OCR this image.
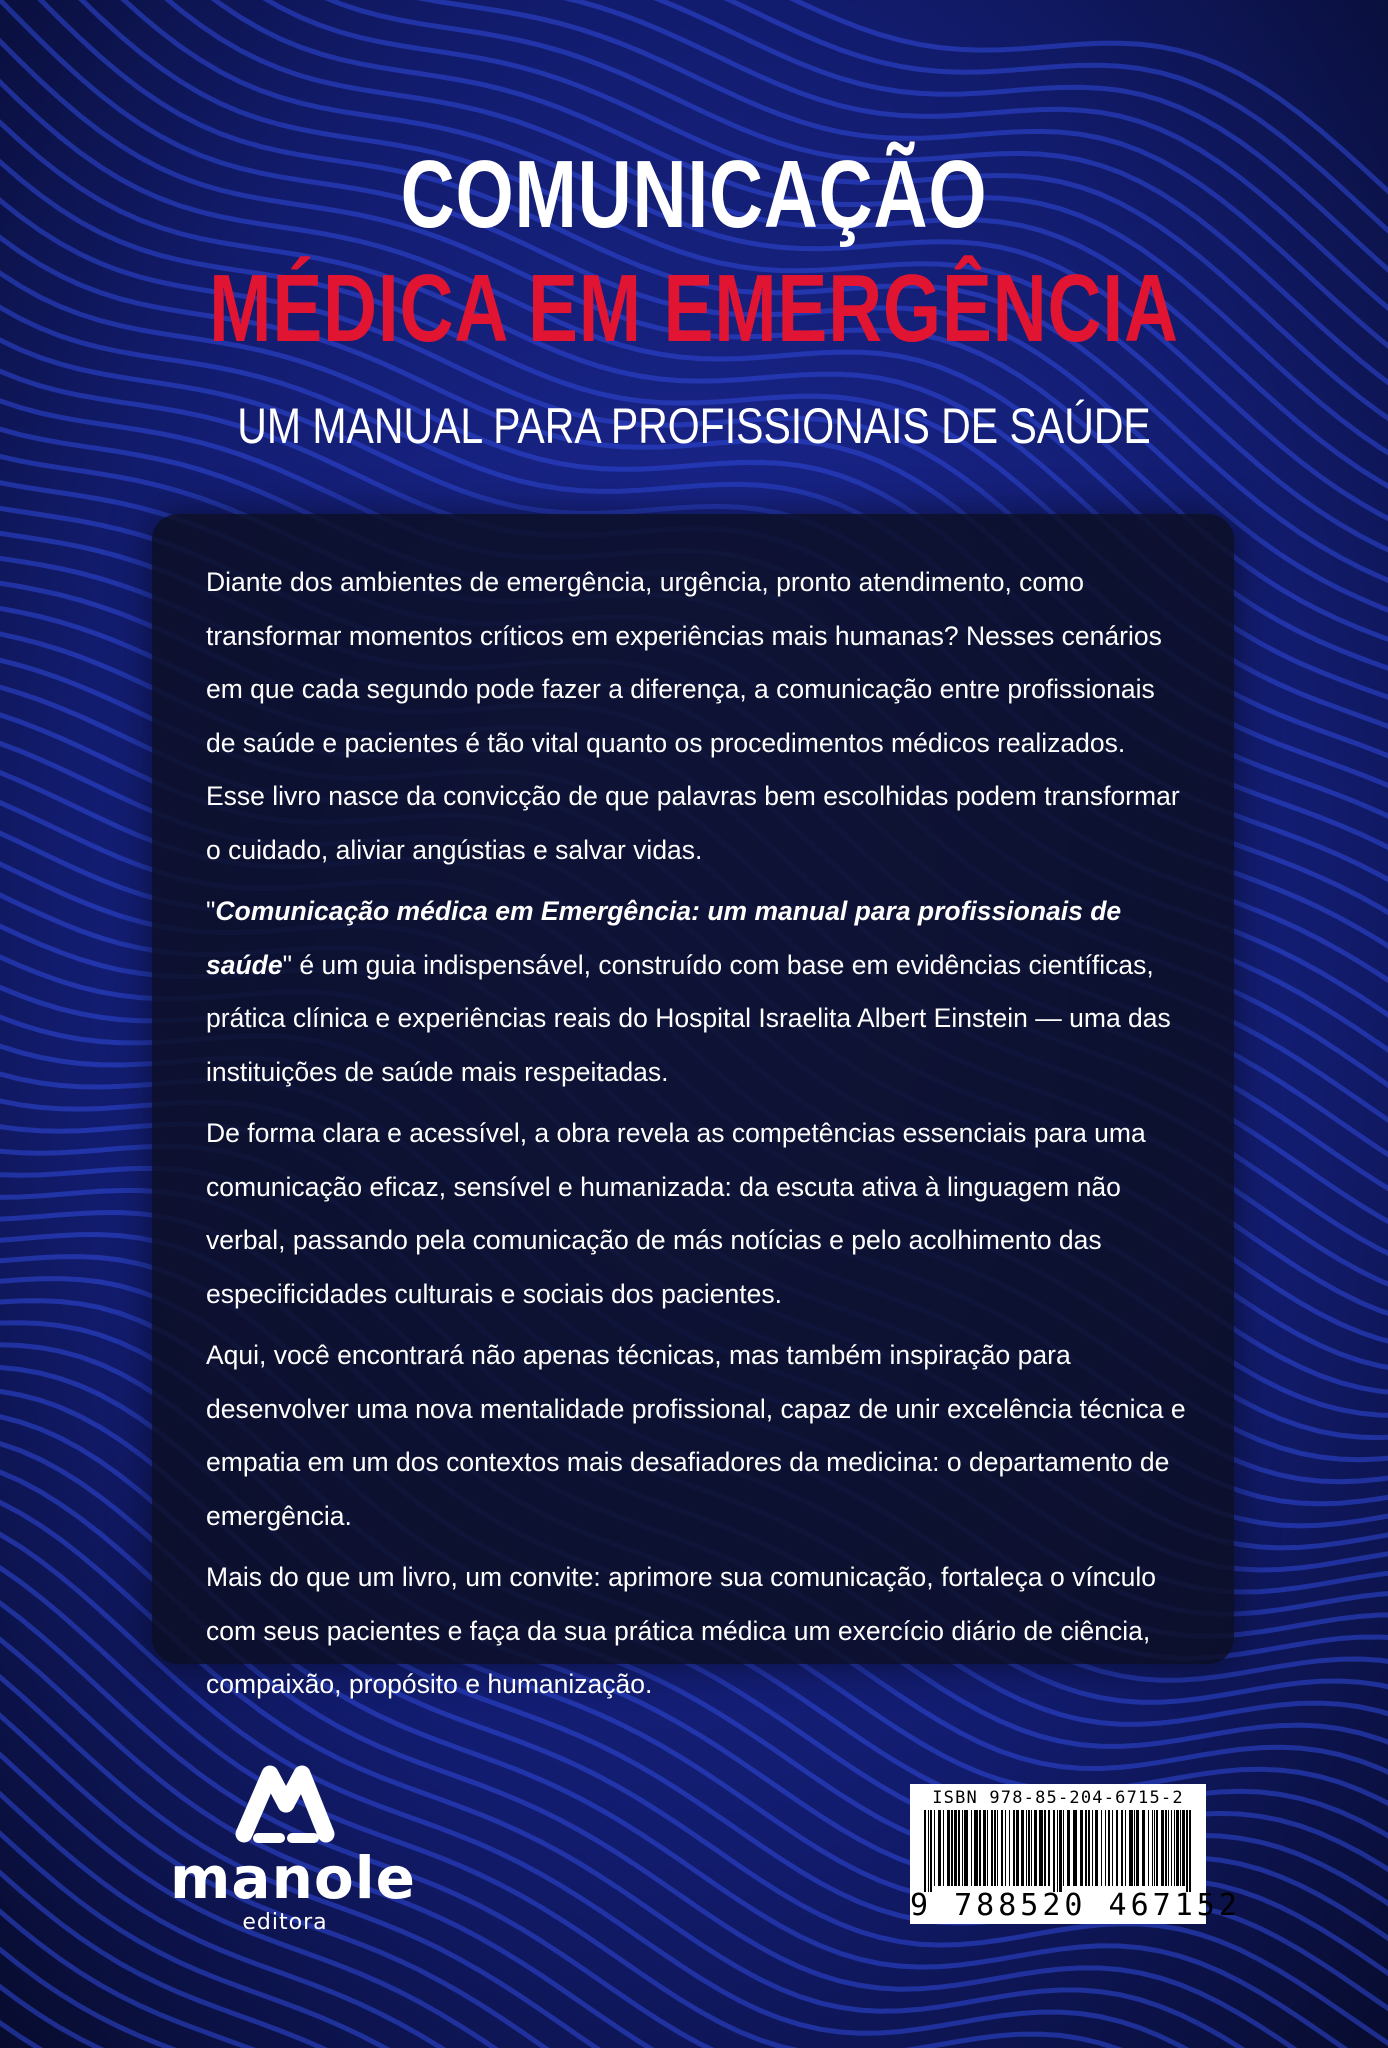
COMUNICAÇÃO
MÉDICA EM EMERGÊNCIA
UM MANUAL PARA PROFISSIONAIS DE SAÚDE

Diante dos ambientes de emergência, urgência, pronto atendimento, como transformar momentos críticos em experiências mais humanas? Nesses cenários em que cada segundo pode fazer a diferença, a comunicação entre profissionais de saúde e pacientes é tão vital quanto os procedimentos médicos realizados. Esse livro nasce da convicção de que palavras bem escolhidas podem transformar o cuidado, aliviar angústias e salvar vidas.

"Comunicação médica em Emergência: um manual para profissionais de saúde" é um guia indispensável, construído com base em evidências científicas, prática clínica e experiências reais do Hospital Israelita Albert Einstein — uma das instituições de saúde mais respeitadas.

De forma clara e acessível, a obra revela as competências essenciais para uma comunicação eficaz, sensível e humanizada: da escuta ativa à linguagem não verbal, passando pela comunicação de más notícias e pelo acolhimento das especificidades culturais e sociais dos pacientes.

Aqui, você encontrará não apenas técnicas, mas também inspiração para desenvolver uma nova mentalidade profissional, capaz de unir excelência técnica e empatia em um dos contextos mais desafiadores da medicina: o departamento de emergência.

Mais do que um livro, um convite: aprimore sua comunicação, fortaleça o vínculo com seus pacientes e faça da sua prática médica um exercício diário de ciência, compaixão, propósito e humanização.

manole
editora
ISBN 978-85-204-6715-2
9 788520 467152
